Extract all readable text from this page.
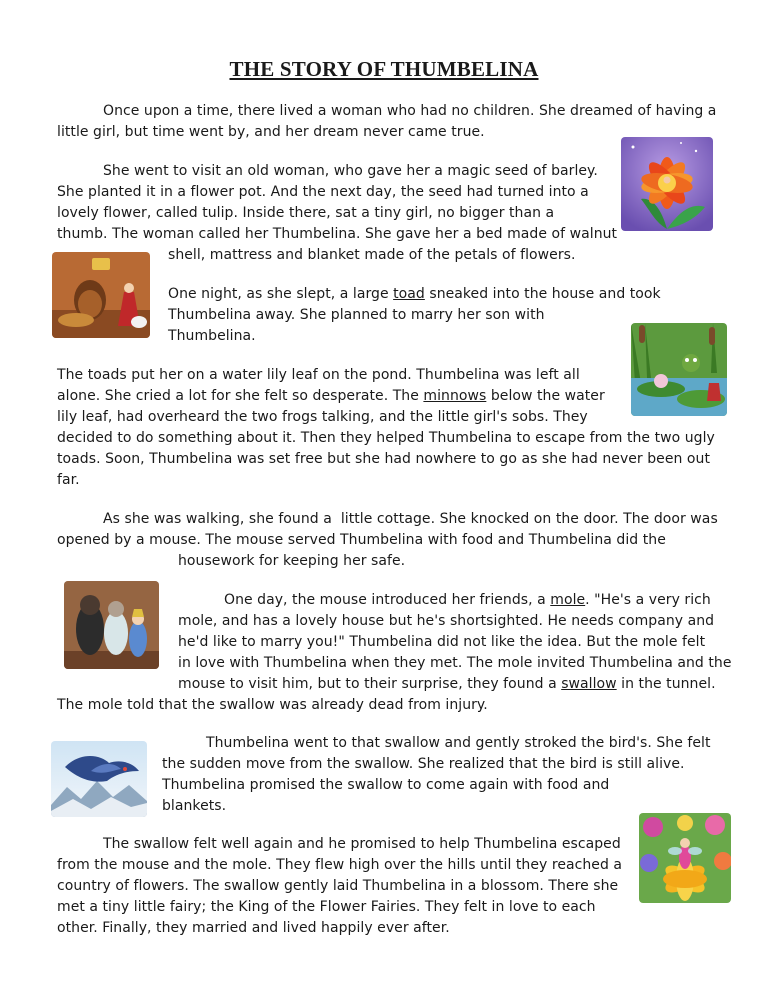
THE STORY OF THUMBELINA
Once upon a time, there lived a woman who had no children. She dreamed of having a
little girl, but time went by, and her dream never came true.
She went to visit an old woman, who gave her a magic seed of barley.
She planted it in a flower pot. And the next day, the seed had turned into a
lovely flower, called tulip. Inside there, sat a tiny girl, no bigger than a
thumb. The woman called her Thumbelina. She gave her a bed made of walnut
shell, mattress and blanket made of the petals of flowers.
One night, as she slept, a large toad sneaked into the house and took
Thumbelina away. She planned to marry her son with
Thumbelina.
The toads put her on a water lily leaf on the pond. Thumbelina was left all
alone. She cried a lot for she felt so desperate. The minnows below the water
lily leaf, had overheard the two frogs talking, and the little girl's sobs. They
decided to do something about it. Then they helped Thumbelina to escape from the two ugly
toads. Soon, Thumbelina was set free but she had nowhere to go as she had never been out
far.
As she was walking, she found a  little cottage. She knocked on the door. The door was
opened by a mouse. The mouse served Thumbelina with food and Thumbelina did the
housework for keeping her safe.
One day, the mouse introduced her friends, a mole. "He's a very rich
mole, and has a lovely house but he's shortsighted. He needs company and
he'd like to marry you!" Thumbelina did not like the idea. But the mole felt
in love with Thumbelina when they met. The mole invited Thumbelina and the
mouse to visit him, but to their surprise, they found a swallow in the tunnel.
The mole told that the swallow was already dead from injury.
Thumbelina went to that swallow and gently stroked the bird's. She felt
the sudden move from the swallow. She realized that the bird is still alive.
Thumbelina promised the swallow to come again with food and
blankets.
The swallow felt well again and he promised to help Thumbelina escaped
from the mouse and the mole. They flew high over the hills until they reached a
country of flowers. The swallow gently laid Thumbelina in a blossom. There she
met a tiny little fairy; the King of the Flower Fairies. They felt in love to each
other. Finally, they married and lived happily ever after.
